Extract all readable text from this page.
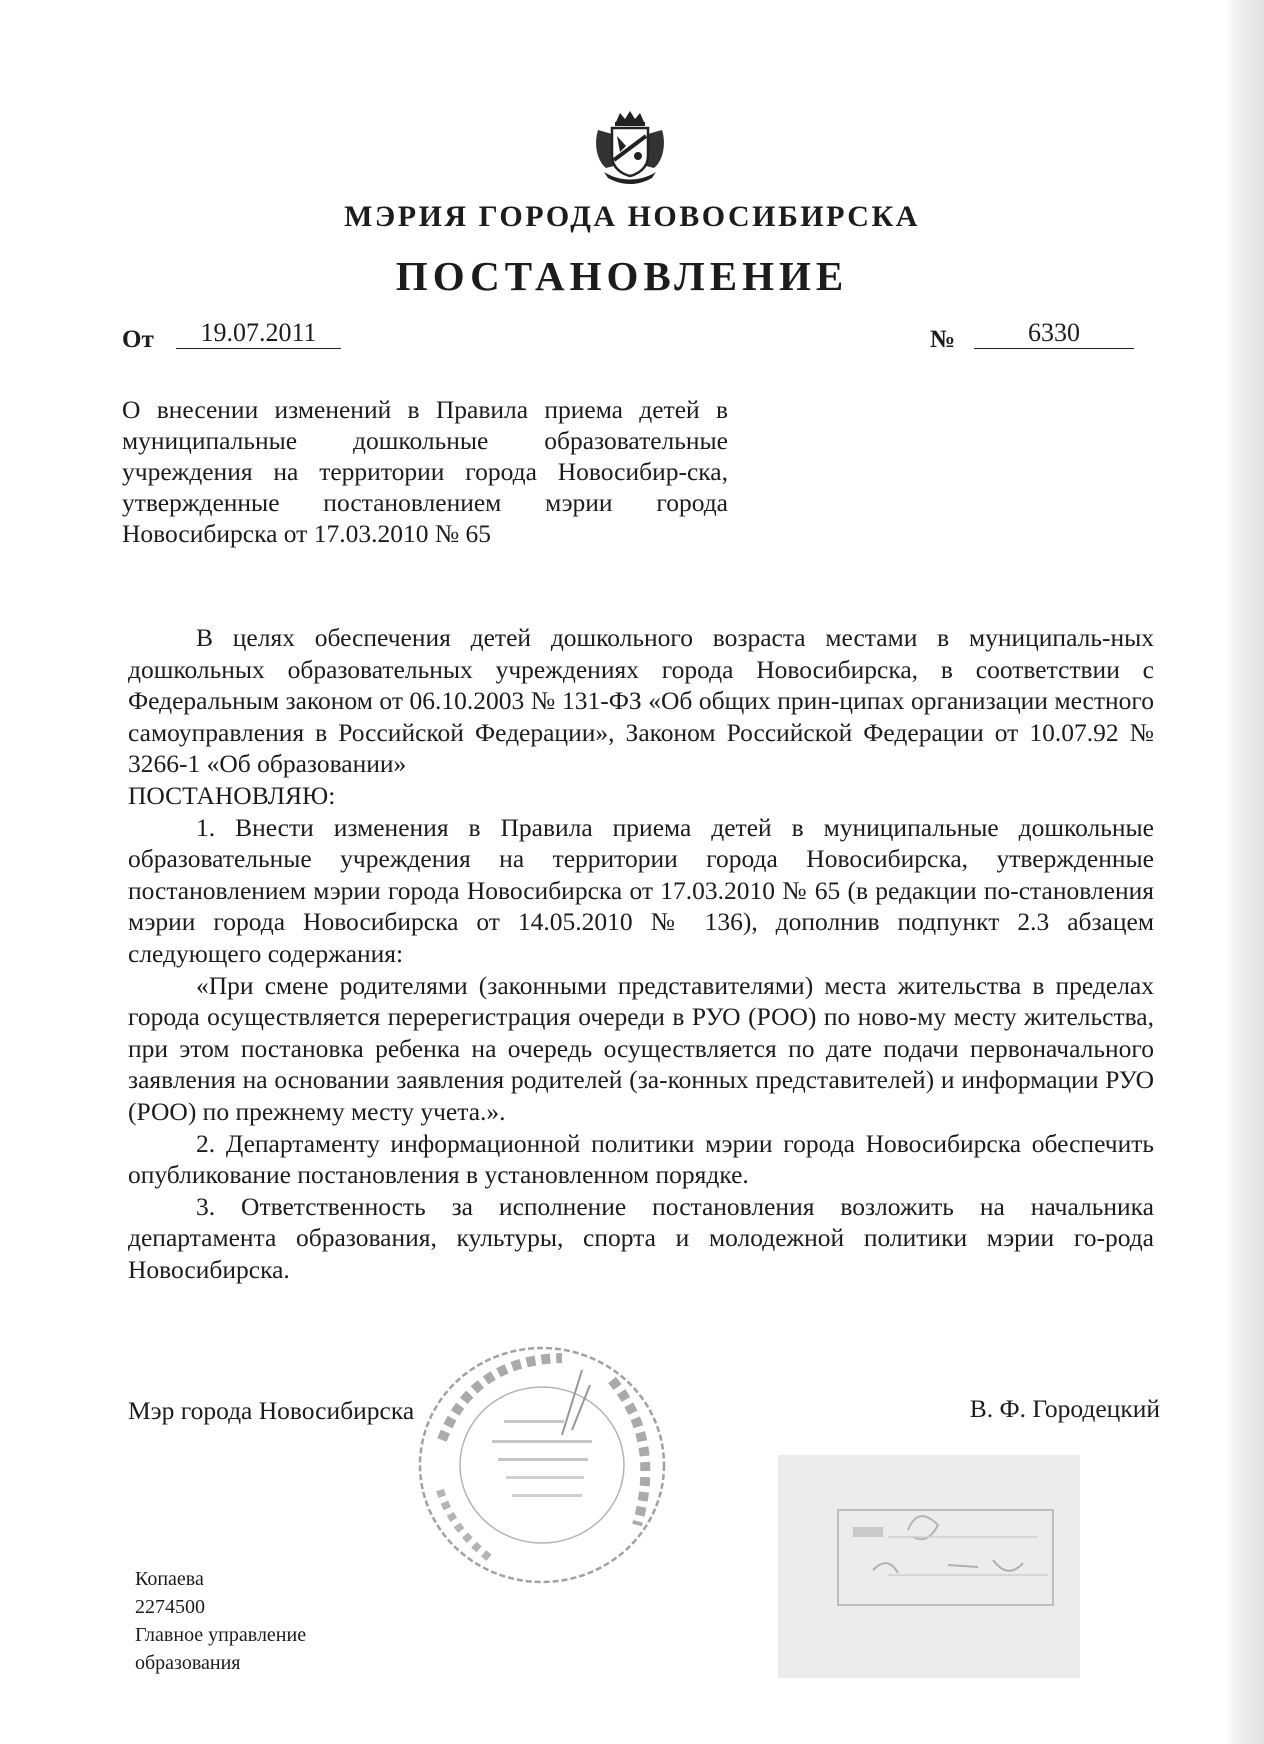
МЭРИЯ ГОРОДА НОВОСИБИРСКА
ПОСТАНОВЛЕНИЕ
От	19.07.2011	№	6330
О внесении изменений в Правила приема детей в муниципальные дошкольные образовательные учреждения на территории города Новосибир-ска, утвержденные постановлением мэрии города Новосибирска от 17.03.2010 № 65

В целях обеспечения детей дошкольного возраста местами в муниципаль-ных дошкольных образовательных учреждениях города Новосибирска, в соответствии с Федеральным законом от 06.10.2003 № 131-ФЗ «Об общих прин-ципах организации местного самоуправления в Российской Федерации», Законом Российской Федерации от 10.07.92 № 3266-1 «Об образовании»

ПОСТАНОВЛЯЮ:

1. Внести изменения в Правила приема детей в муниципальные дошкольные образовательные учреждения на территории города Новосибирска, утвержденные постановлением мэрии города Новосибирска от 17.03.2010 № 65 (в редакции по-становления мэрии города Новосибирска от 14.05.2010 № 136), дополнив подпункт 2.3 абзацем следующего содержания:

«При смене родителями (законными представителями) места жительства в пределах города осуществляется перерегистрация очереди в РУО (РОО) по ново-му месту жительства, при этом постановка ребенка на очередь осуществляется по дате подачи первоначального заявления на основании заявления родителей (за-конных представителей) и информации РУО (РОО) по прежнему месту учета.».

2. Департаменту информационной политики мэрии города Новосибирска обеспечить опубликование постановления в установленном порядке.

3. Ответственность за исполнение постановления возложить на начальника департамента образования, культуры, спорта и молодежной политики мэрии го-рода Новосибирска.

Мэр города Новосибирска	В. Ф. Городецкий
Копаева
2274500
Главное управление
образования
